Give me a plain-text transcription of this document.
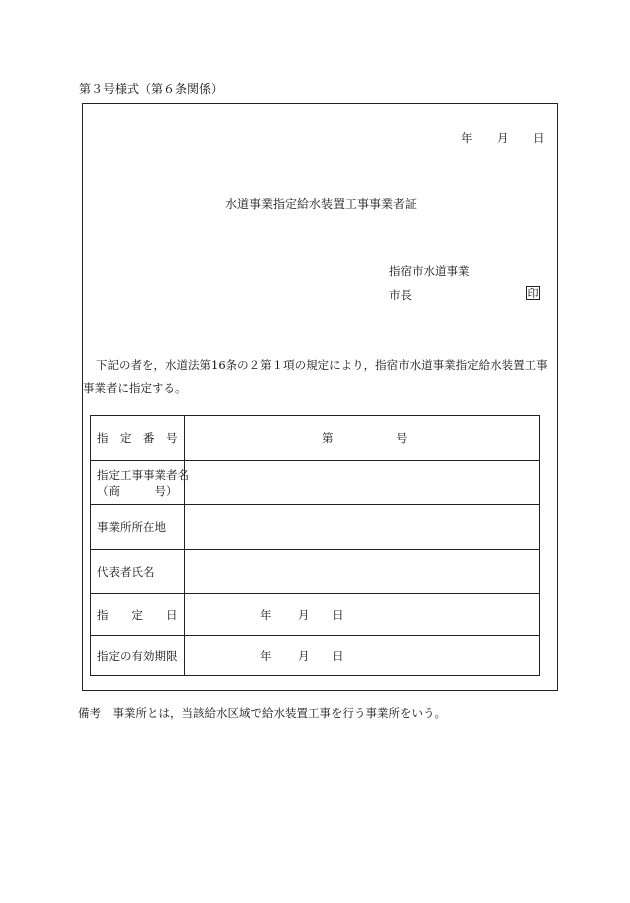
第３号様式（第６条関係）
年 月 日
水道事業指定給水装置工事事業者証
指宿市水道事業
市長	印
下記の者を，水道法第16条の２第１項の規定により，指宿市水道事業指定給水装置工事
事業者に指定する。
指　定　番　号	第 号

指定工事事業者名
（商　　　号）	

事業所所在地	

代表者氏名	

指　　定　　日	年 月 日

指定の有効期限	年 月 日
備考　事業所とは，当該給水区域で給水装置工事を行う事業所をいう。
